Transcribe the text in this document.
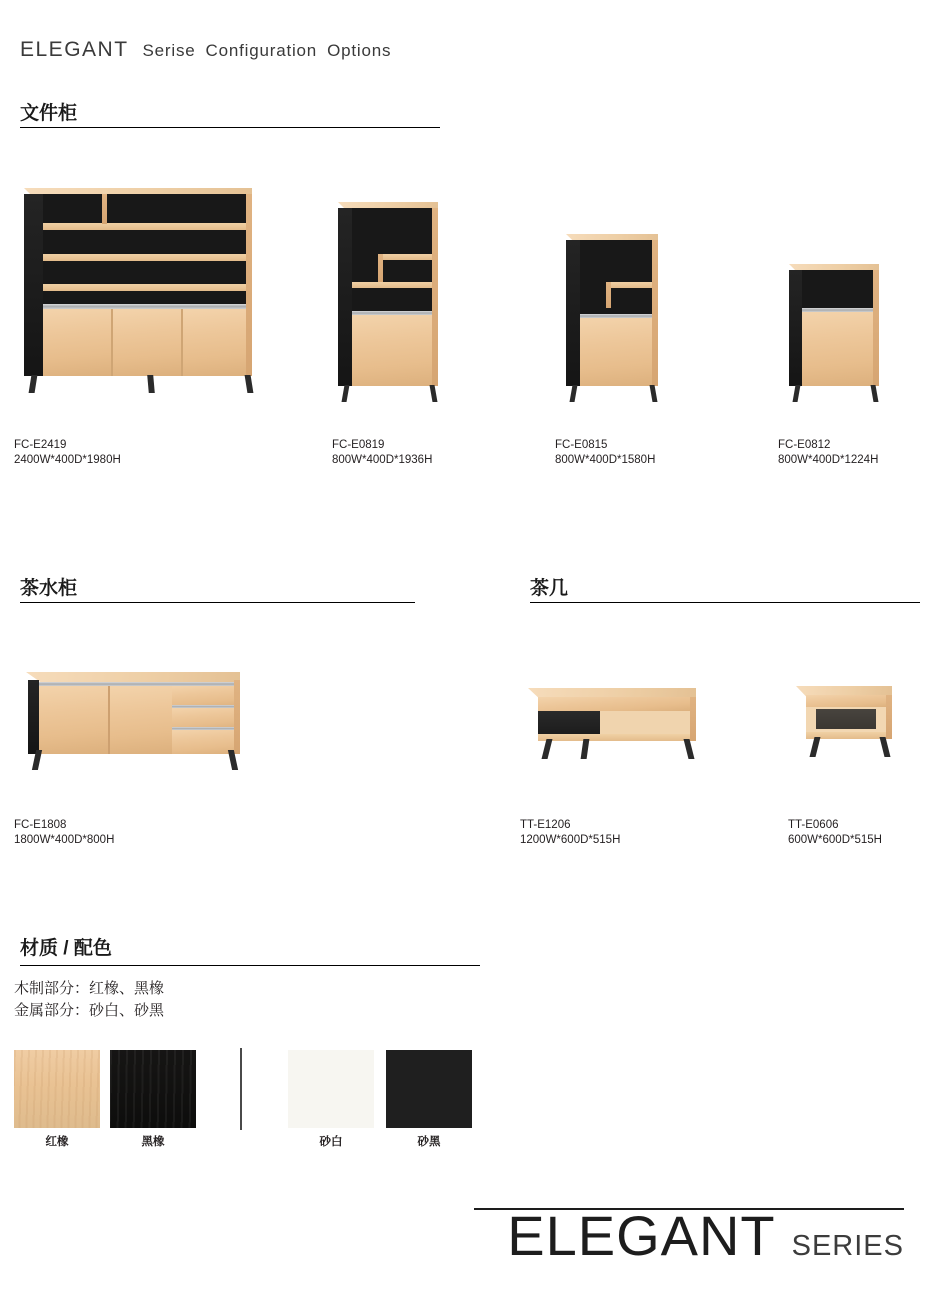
ELEGANT Serise Configuration Options
文件柜
FC-E2419
2400W*400D*1980H
FC-E0819
800W*400D*1936H
FC-E0815
800W*400D*1580H
FC-E0812
800W*400D*1224H
茶水柜
FC-E1808
1800W*400D*800H
茶几
TT-E1206
1200W*600D*515H
TT-E0606
600W*600D*515H
材质 / 配色
木制部分：红橡、黑橡
金属部分：砂白、砂黑
红橡	黑橡	砂白	砂黑
ELEGANT SERIES
